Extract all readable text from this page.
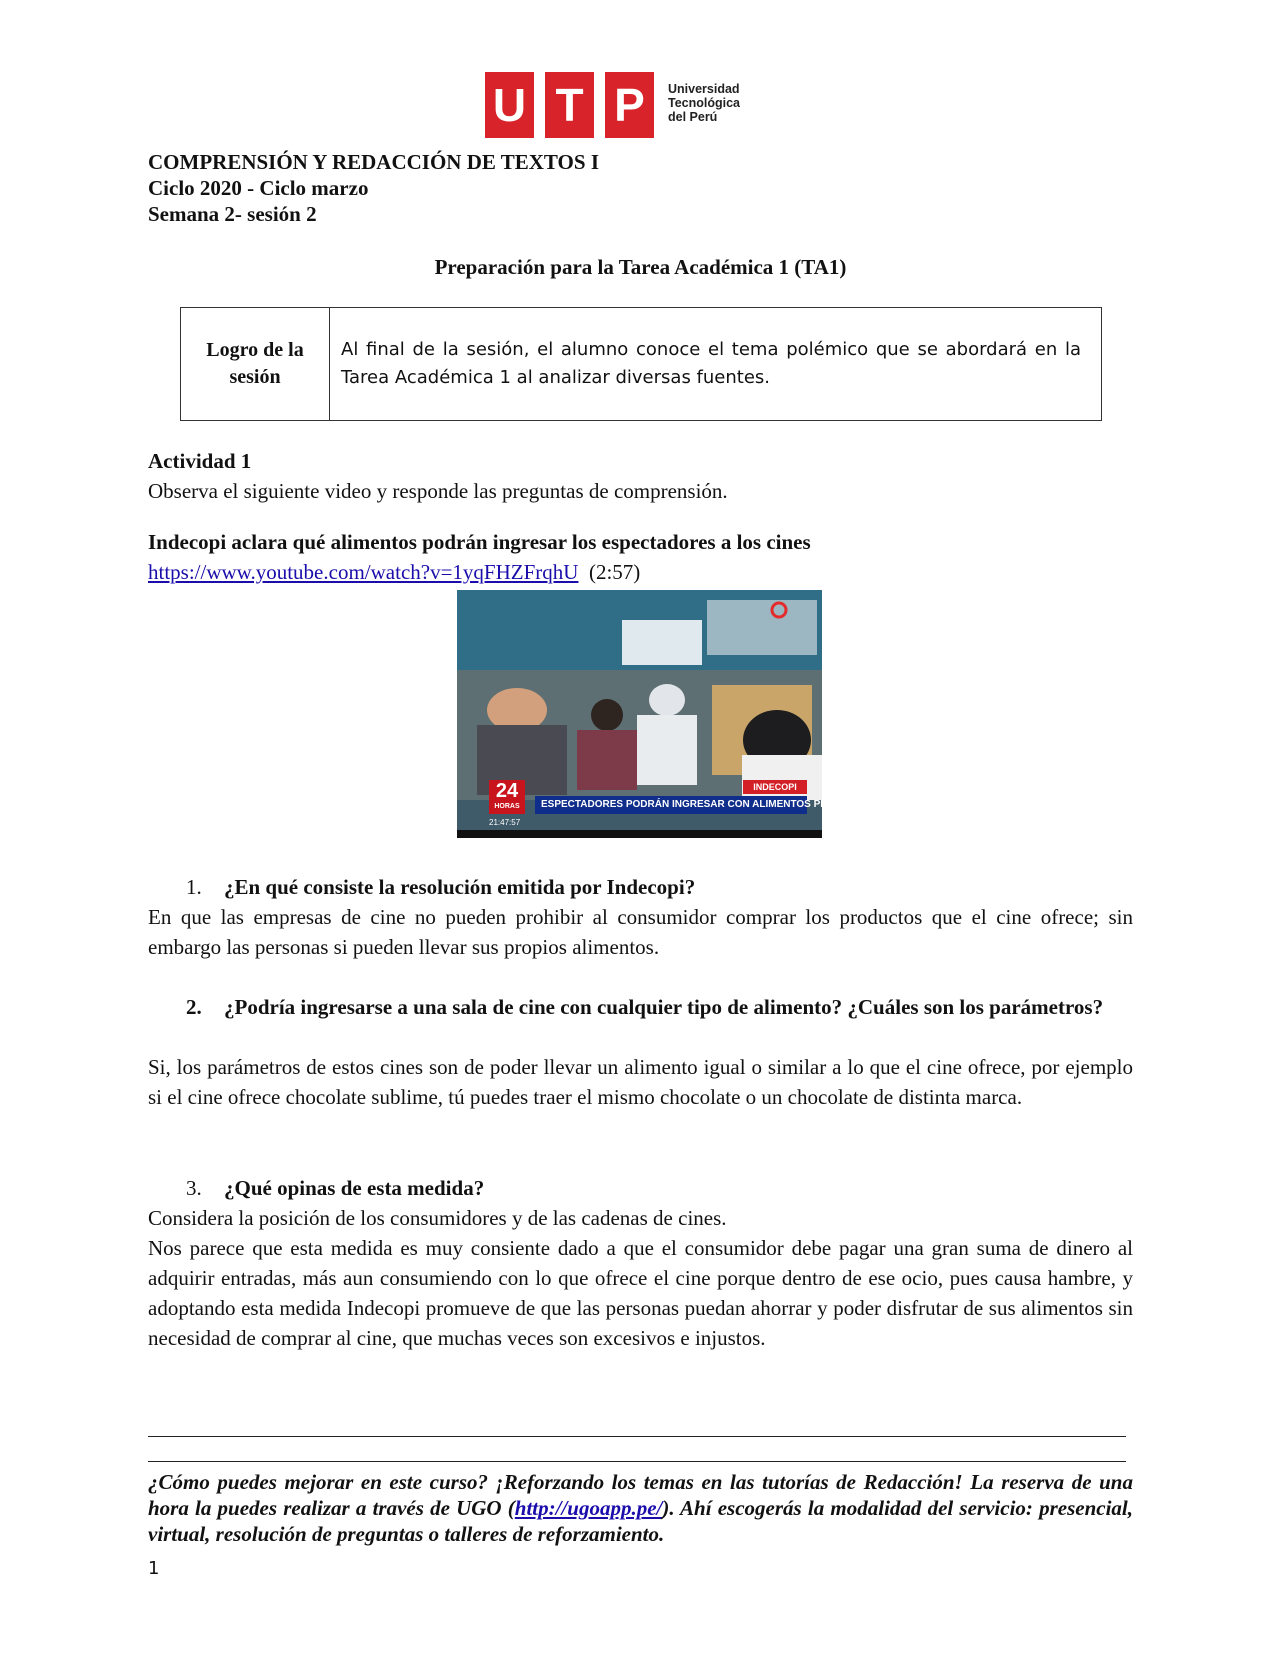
U T P	Universidad
Tecnológica
del Perú
COMPRENSIÓN Y REDACCIÓN DE TEXTOS I
Ciclo 2020 - Ciclo marzo
Semana 2- sesión 2
Preparación para la Tarea Académica 1 (TA1)
Logro de la sesión
Al final de la sesión, el alumno conoce el tema polémico que se abordará en la Tarea Académica 1 al analizar diversas fuentes.
Actividad 1
Observa el siguiente video y responde las preguntas de comprensión.
Indecopi aclara qué alimentos podrán ingresar los espectadores a los cines
https://www.youtube.com/watch?v=1yqFHZFrqhU (2:57)
INDECOPI
ESPECTADORES PODRÁN INGRESAR CON ALIMENTOS PROPIOS
24
HORAS
21:47:57
1. ¿En qué consiste la resolución emitida por Indecopi?
En que las empresas de cine no pueden prohibir al consumidor comprar los productos que el cine ofrece; sin embargo las personas si pueden llevar sus propios alimentos.
2. ¿Podría ingresarse a una sala de cine con cualquier tipo de alimento? ¿Cuáles son los parámetros?
Si, los parámetros de estos cines son de poder llevar un alimento igual o similar a lo que el cine ofrece, por ejemplo si el cine ofrece chocolate sublime, tú puedes traer el mismo chocolate o un chocolate de distinta marca.
3. ¿Qué opinas de esta medida?
Considera la posición de los consumidores y de las cadenas de cines.
Nos parece que esta medida es muy consiente dado a que el consumidor debe pagar una gran suma de dinero al adquirir entradas, más aun consumiendo con lo que ofrece el cine porque dentro de ese ocio, pues causa hambre, y adoptando esta medida Indecopi promueve de que las personas puedan ahorrar y poder disfrutar de sus alimentos sin necesidad de comprar al cine, que muchas veces son excesivos e injustos.
¿Cómo puedes mejorar en este curso? ¡Reforzando los temas en las tutorías de Redacción! La reserva de una hora la puedes realizar a través de UGO (http://ugoapp.pe/). Ahí escogerás la modalidad del servicio: presencial, virtual, resolución de preguntas o talleres de reforzamiento.
1
